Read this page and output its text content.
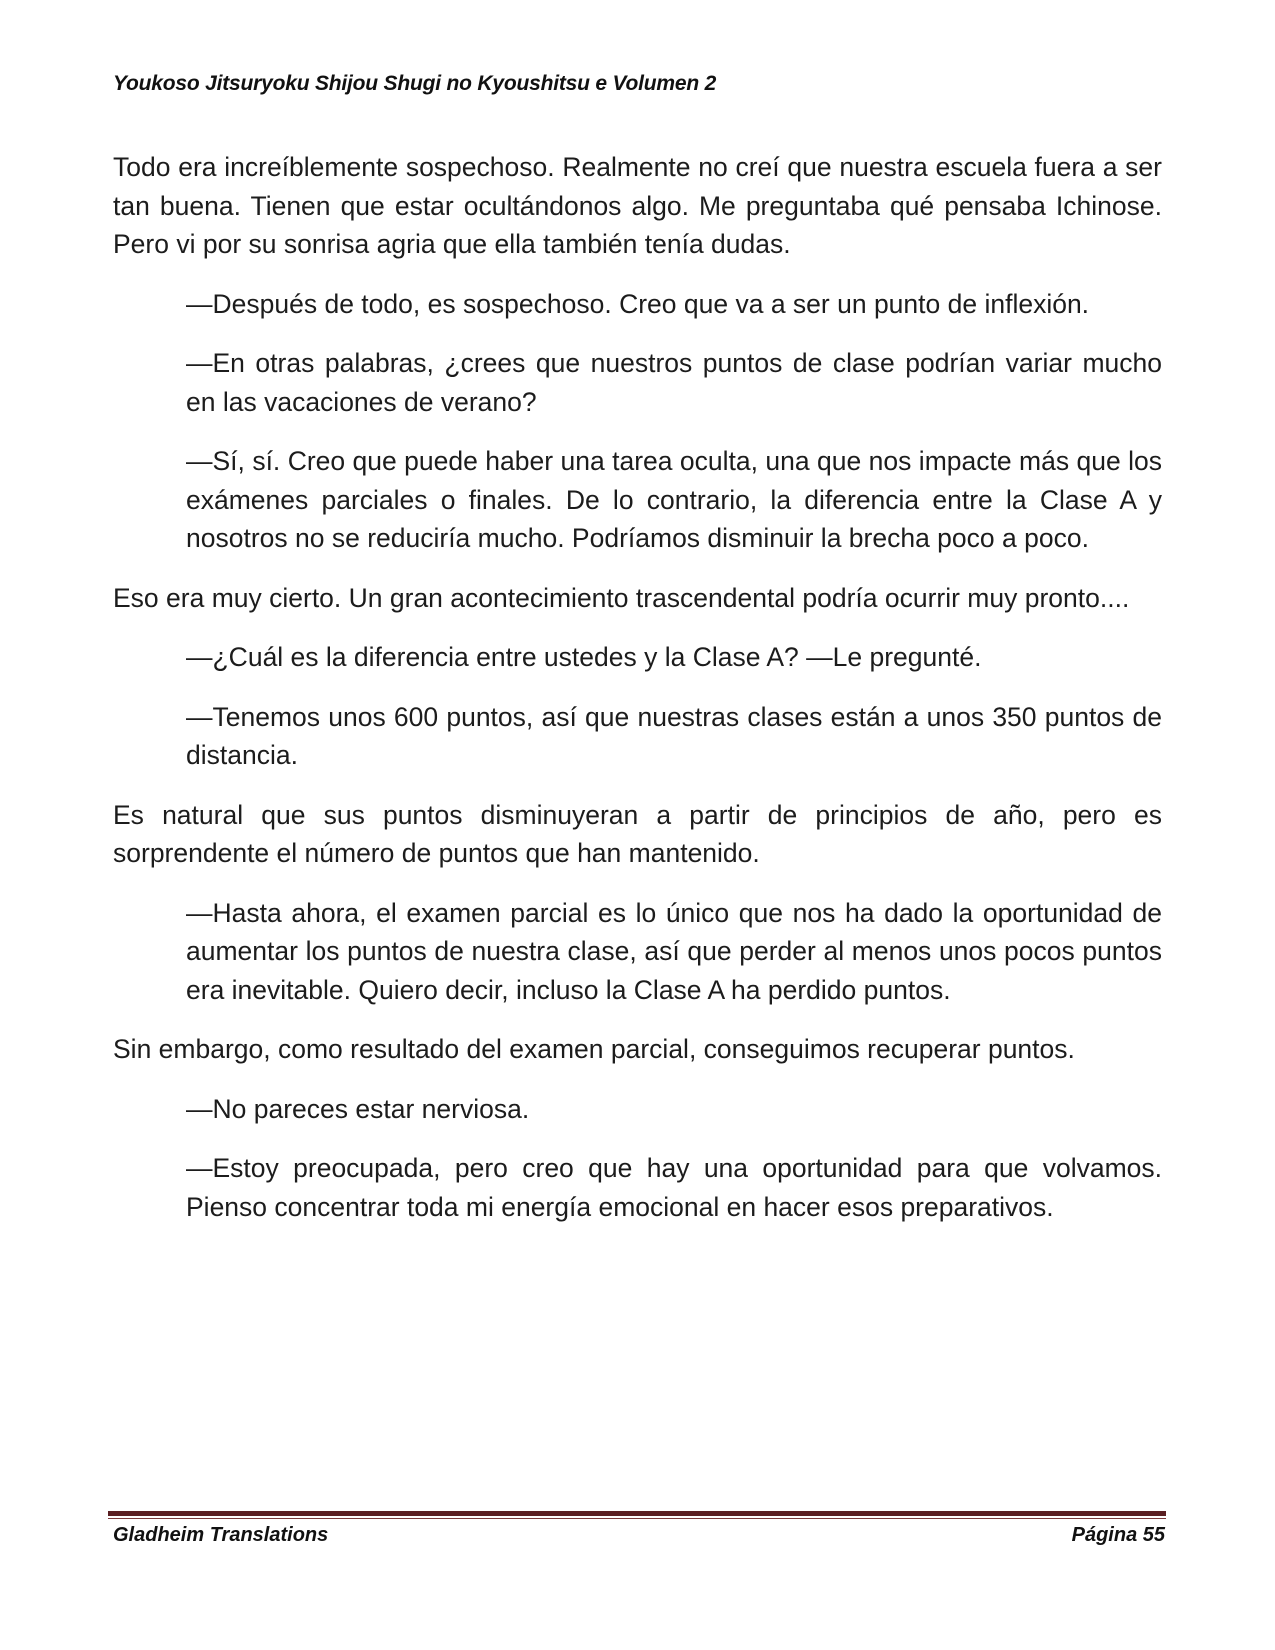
Youkoso Jitsuryoku Shijou Shugi no Kyoushitsu e Volumen 2

Todo era increíblemente sospechoso. Realmente no creí que nuestra escuela fuera a ser tan buena. Tienen que estar ocultándonos algo. Me preguntaba qué pensaba Ichinose. Pero vi por su sonrisa agria que ella también tenía dudas.

—Después de todo, es sospechoso. Creo que va a ser un punto de inflexión.

—En otras palabras, ¿crees que nuestros puntos de clase podrían variar mucho en las vacaciones de verano?

—Sí, sí. Creo que puede haber una tarea oculta, una que nos impacte más que los exámenes parciales o finales. De lo contrario, la diferencia entre la Clase A y nosotros no se reduciría mucho. Podríamos disminuir la brecha poco a poco.

Eso era muy cierto. Un gran acontecimiento trascendental podría ocurrir muy pronto....

—¿Cuál es la diferencia entre ustedes y la Clase A? —Le pregunté.

—Tenemos unos 600 puntos, así que nuestras clases están a unos 350 puntos de distancia.

Es natural que sus puntos disminuyeran a partir de principios de año, pero es sorprendente el número de puntos que han mantenido.

—Hasta ahora, el examen parcial es lo único que nos ha dado la oportunidad de aumentar los puntos de nuestra clase, así que perder al menos unos pocos puntos era inevitable. Quiero decir, incluso la Clase A ha perdido puntos.

Sin embargo, como resultado del examen parcial, conseguimos recuperar puntos.

—No pareces estar nerviosa.

—Estoy preocupada, pero creo que hay una oportunidad para que volvamos. Pienso concentrar toda mi energía emocional en hacer esos preparativos.

Gladheim Translations	Página 55
